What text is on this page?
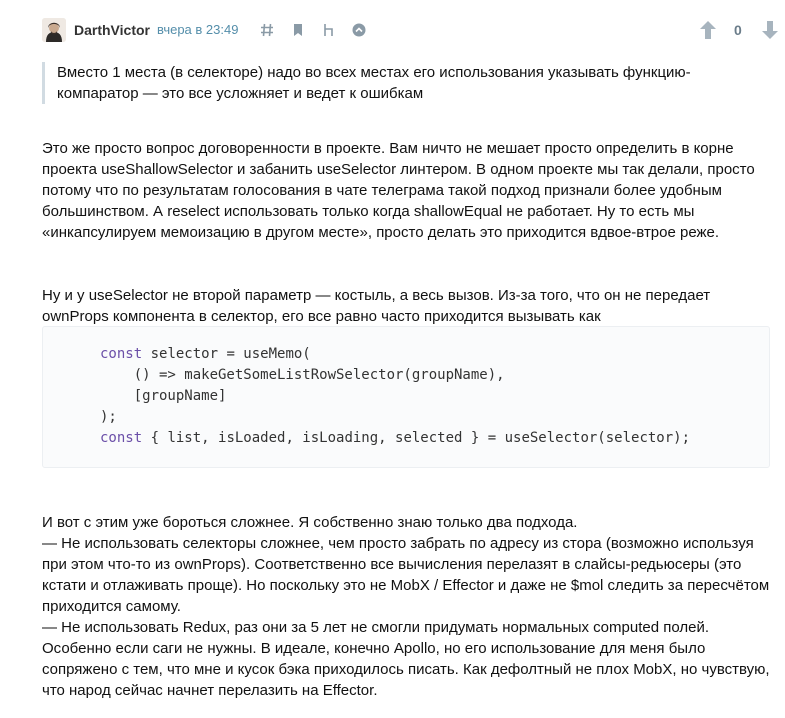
DarthVictor вчера в 23:49	0
Вместо 1 места (в селекторе) надо во всех местах его использования указывать функцию-компаратор — это все усложняет и ведет к ошибкам

Это же просто вопрос договоренности в проекте. Вам ничто не мешает просто определить в корне проекта useShallowSelector и забанить useSelector линтером. В одном проекте мы так делали, просто потому что по результатам голосования в чате телеграма такой подход признали более удобным большинством. А reselect использовать только когда shallowEqual не работает. Ну то есть мы «инкапсулируем мемоизацию в другом месте», просто делать это приходится вдвое-втрое реже.

Ну и у useSelector не второй параметр — костыль, а весь вызов. Из-за того, что он не передает ownProps компонента в селектор, его все равно часто приходится вызывать как

const selector = useMemo(
() => makeGetSomeListRowSelector(groupName),
[groupName]
);
const { list, isLoaded, isLoading, selected } = useSelector(selector);

И вот с этим уже бороться сложнее. Я собственно знаю только два подхода.
— Не использовать селекторы сложнее, чем просто забрать по адресу из стора (возможно используя при этом что-то из ownProps). Соответственно все вычисления перелазят в слайсы-редьюсеры (это кстати и отлаживать проще). Но поскольку это не MobX / Effector и даже не $mol следить за пересчётом приходится самому.
— Не использовать Redux, раз они за 5 лет не смогли придумать нормальных computed полей. Особенно если саги не нужны. В идеале, конечно Apollo, но его использование для меня было сопряжено с тем, что мне и кусок бэка приходилось писать. Как дефолтный не плох MobX, но чувствую, что народ сейчас начнет перелазить на Effector.
